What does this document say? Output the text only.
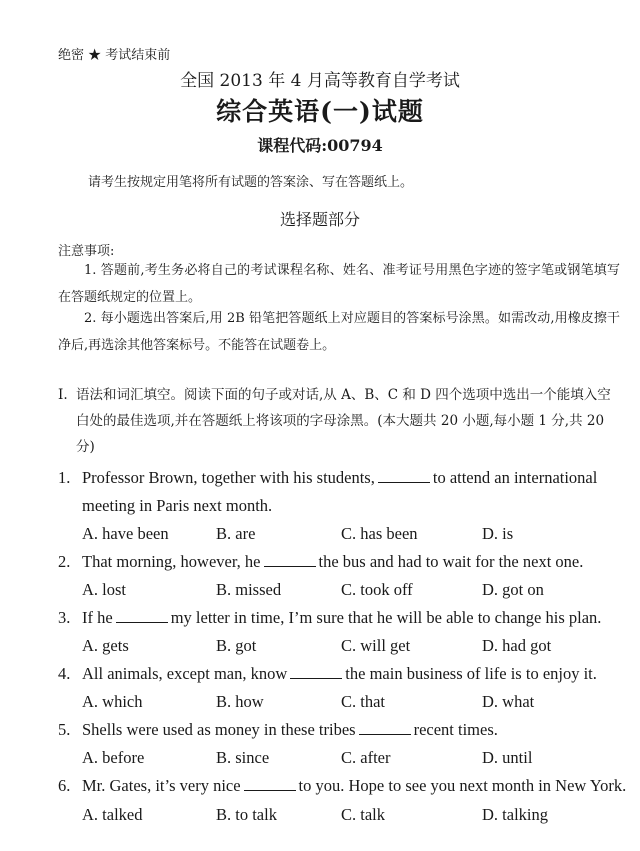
绝密 ★ 考试结束前
全国 2013 年 4 月高等教育自学考试
综合英语(一)试题
课程代码:00794
请考生按规定用笔将所有试题的答案涂、写在答题纸上。
选择题部分
注意事项:
1. 答题前,考生务必将自己的考试课程名称、姓名、准考证号用黑色字迹的签字笔或钢笔填写在答题纸规定的位置上。
2. 每小题选出答案后,用 2B 铅笔把答题纸上对应题目的答案标号涂黑。如需改动,用橡皮擦干净后,再选涂其他答案标号。不能答在试题卷上。
I. 语法和词汇填空。阅读下面的句子或对话,从 A、B、C 和 D 四个选项中选出一个能填入空白处的最佳选项,并在答题纸上将该项的字母涂黑。(本大题共 20 小题,每小题 1 分,共 20 分)
1. Professor Brown, together with his students,	to attend an international
meeting in Paris next month.
A. have been	B. are	C. has been	D. is
2. That morning, however, he	the bus and had to wait for the next one.
A. lost	B. missed	C. took off	D. got on
3. If he	my letter in time, I’m sure that he will be able to change his plan.
A. gets	B. got	C. will get	D. had got
4. All animals, except man, know	the main business of life is to enjoy it.
A. which	B. how	C. that	D. what
5. Shells were used as money in these tribes	recent times.
A. before	B. since	C. after	D. until
6. Mr. Gates, it’s very nice	to you. Hope to see you next month in New York.
A. talked	B. to talk	C. talk	D. talking
